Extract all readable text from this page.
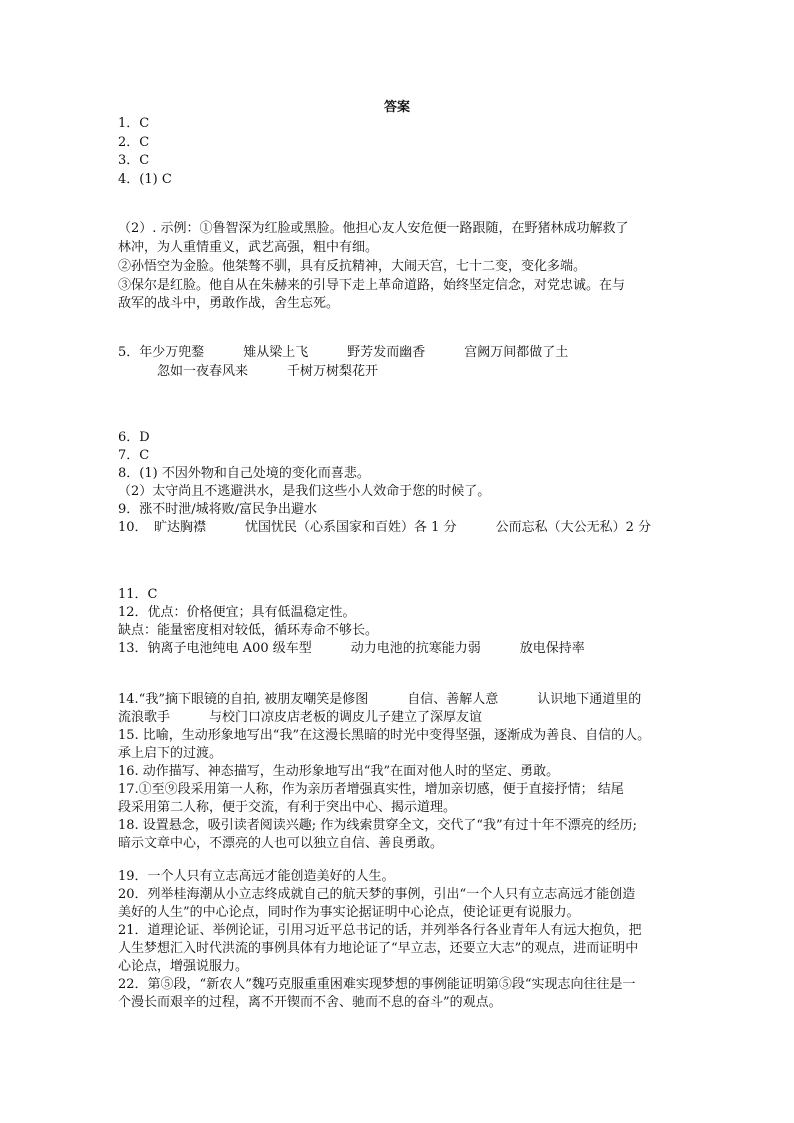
答案
1．C
2．C
3．C
4．(1) C
（2）. 示例：①鲁智深为红脸或黑脸。他担心友人安危便一路跟随，在野猪林成功解救了
林冲，为人重情重义，武艺高强，粗中有细。
②孙悟空为金脸。他桀骜不驯，具有反抗精神，大闹天宫，七十二变，变化多端。
③保尔是红脸。他自从在朱赫来的引导下走上革命道路，始终坚定信念，对党忠诚。在与
敌军的战斗中，勇敢作战，舍生忘死。
5．年少万兜鍪　　　雉从梁上飞　　　野芳发而幽香　　　宫阙万间都做了土
　　　忽如一夜春风来　　　千树万树梨花开
6．D
7．C
8．(1) 不因外物和自己处境的变化而喜悲。
（2）太守尚且不逃避洪水，是我们这些小人效命于您的时候了。
9．涨不时泄/城将败/富民争出避水
10．　旷达胸襟　　　忧国忧民（心系国家和百姓）各 1 分　　　公而忘私（大公无私）2 分
11．C
12．优点：价格便宜；具有低温稳定性。
缺点：能量密度相对较低，循环寿命不够长。
13．钠离子电池纯电 A00 级车型　　　动力电池的抗寒能力弱　　　放电保持率
14.“我”摘下眼镜的自拍, 被朋友嘲笑是修图　　　自信、善解人意　　　认识地下通道里的
流浪歌手　　　与校门口凉皮店老板的调皮儿子建立了深厚友谊
15. 比喻，生动形象地写出“我”在这漫长黑暗的时光中变得坚强，逐渐成为善良、自信的人。
承上启下的过渡。
16. 动作描写、神态描写，生动形象地写出“我”在面对他人时的坚定、勇敢。
17.①至⑨段采用第一人称，作为亲历者增强真实性，增加亲切感，便于直接抒情； 结尾
段采用第二人称，便于交流，有利于突出中心、揭示道理。
18. 设置悬念，吸引读者阅读兴趣; 作为线索贯穿全文，交代了“我”有过十年不漂亮的经历;
暗示文章中心，不漂亮的人也可以独立自信、善良勇敢。
19．一个人只有立志高远才能创造美好的人生。
20．列举桂海潮从小立志终成就自己的航天梦的事例，引出“一个人只有立志高远才能创造
美好的人生”的中心论点，同时作为事实论据证明中心论点，使论证更有说服力。
21．道理论证、举例论证，引用习近平总书记的话，并列举各行各业青年人有远大抱负，把
人生梦想汇入时代洪流的事例具体有力地论证了“早立志，还要立大志”的观点，进而证明中
心论点，增强说服力。
22．第⑤段，“新农人”魏巧克服重重困难实现梦想的事例能证明第⑤段“实现志向往往是一
个漫长而艰辛的过程，离不开锲而不舍、驰而不息的奋斗”的观点。
